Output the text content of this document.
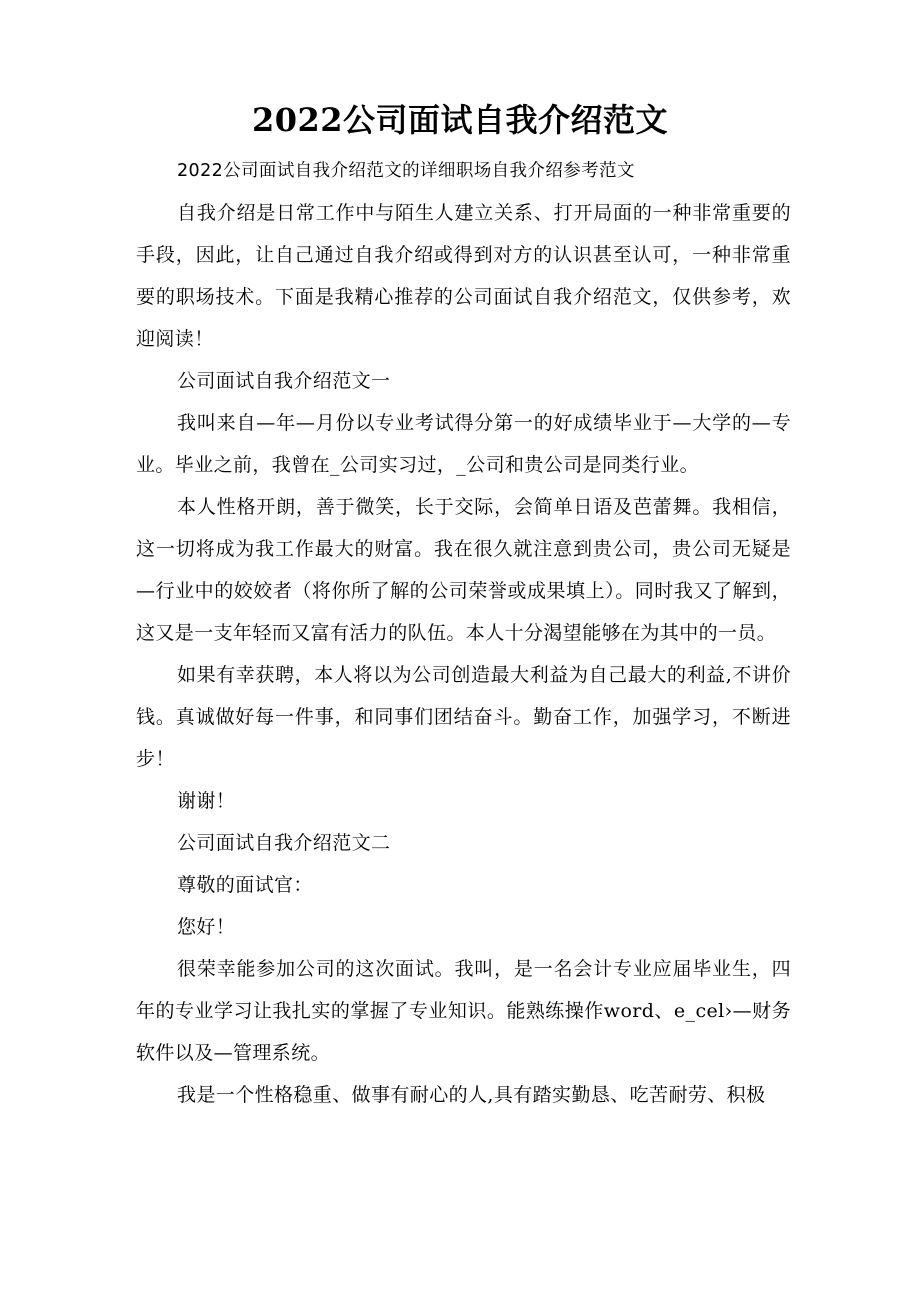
2022公司面试自我介绍范文

2022公司面试自我介绍范文的详细职场自我介绍参考范文

自我介绍是日常工作中与陌生人建立关系、打开局面的一种非常重要的手段，因此，让自己通过自我介绍或得到对方的认识甚至认可，一种非常重要的职场技术。下面是我精心推荐的公司面试自我介绍范文，仅供参考，欢迎阅读！

公司面试自我介绍范文一

我叫来自—年—月份以专业考试得分第一的好成绩毕业于—大学的—专业。毕业之前，我曾在_公司实习过，_公司和贵公司是同类行业。

本人性格开朗，善于微笑，长于交际，会简单日语及芭蕾舞。我相信，这一切将成为我工作最大的财富。我在很久就注意到贵公司，贵公司无疑是—行业中的姣姣者（将你所了解的公司荣誉或成果填上）。同时我又了解到，这又是一支年轻而又富有活力的队伍。本人十分渴望能够在为其中的一员。

如果有幸获聘，本人将以为公司创造最大利益为自己最大的利益,不讲价钱。真诚做好每一件事，和同事们团结奋斗。勤奋工作，加强学习，不断进步！

谢谢！

公司面试自我介绍范文二

尊敬的面试官：

您好！

很荣幸能参加公司的这次面试。我叫，是一名会计专业应届毕业生，四年的专业学习让我扎实的掌握了专业知识。能熟练操作word、e_cel›—财务软件以及—管理系统。

我是一个性格稳重、做事有耐心的人,具有踏实勤恳、吃苦耐劳、积极
